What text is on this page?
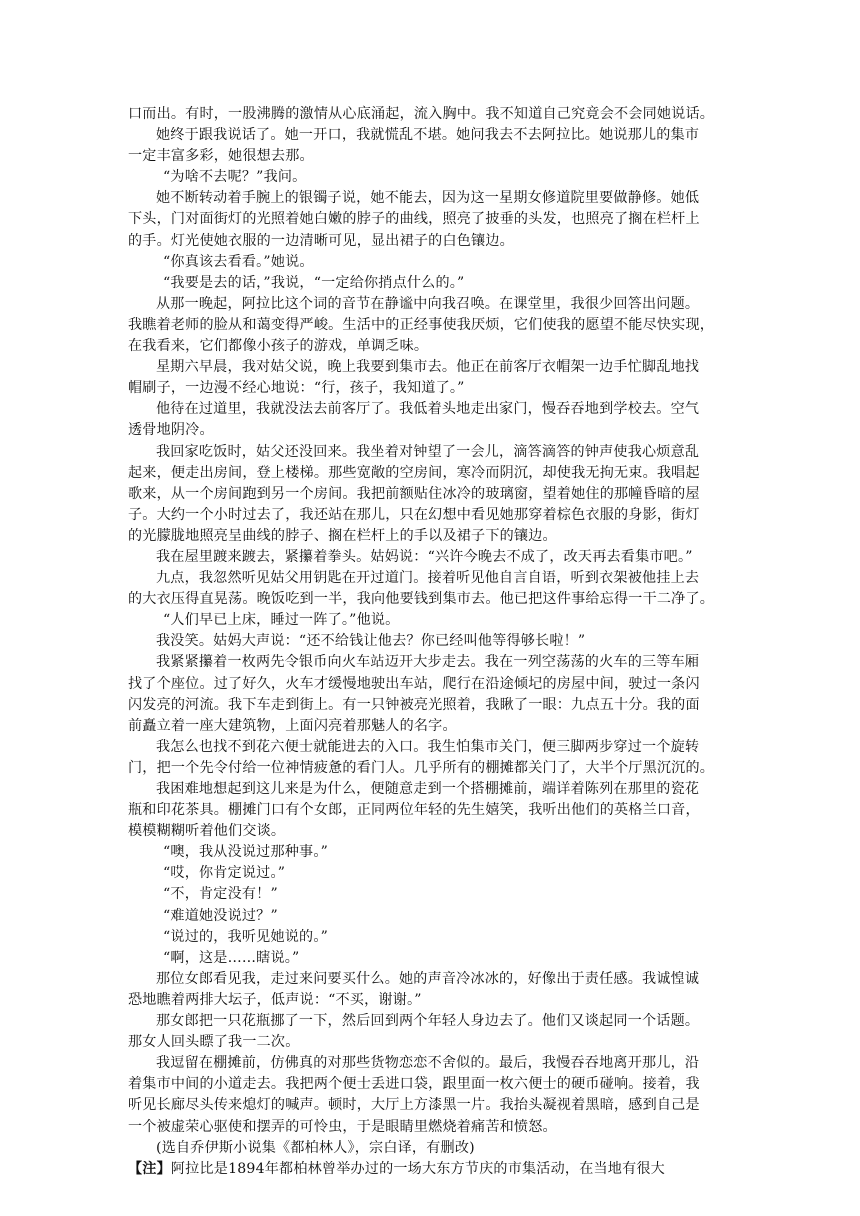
口而出。有时，一股沸腾的激情从心底涌起，流入胸中。我不知道自己究竟会不会同她说话。
她终于跟我说话了。她一开口，我就慌乱不堪。她问我去不去阿拉比。她说那儿的集市
一定丰富多彩，她很想去那。
“为啥不去呢？”我问。
她不断转动着手腕上的银镯子说，她不能去，因为这一星期女修道院里要做静修。她低
下头，门对面街灯的光照着她白嫩的脖子的曲线，照亮了披垂的头发，也照亮了搁在栏杆上
的手。灯光使她衣服的一边清晰可见，显出裙子的白色镶边。
“你真该去看看。”她说。
“我要是去的话，”我说，“一定给你捎点什么的。”
从那一晚起，阿拉比这个词的音节在静谧中向我召唤。在课堂里，我很少回答出问题。
我瞧着老师的脸从和蔼变得严峻。生活中的正经事使我厌烦，它们使我的愿望不能尽快实现，
在我看来，它们都像小孩子的游戏，单调乏味。
星期六早晨，我对姑父说，晚上我要到集市去。他正在前客厅衣帽架一边手忙脚乱地找
帽刷子，一边漫不经心地说：“行，孩子，我知道了。”
他待在过道里，我就没法去前客厅了。我低着头地走出家门，慢吞吞地到学校去。空气
透骨地阴冷。
我回家吃饭时，姑父还没回来。我坐着对钟望了一会儿，滴答滴答的钟声使我心烦意乱
起来，便走出房间，登上楼梯。那些宽敞的空房间，寒冷而阴沉，却使我无拘无束。我唱起
歌来，从一个房间跑到另一个房间。我把前额贴住冰冷的玻璃窗，望着她住的那幢昏暗的屋
子。大约一个小时过去了，我还站在那儿，只在幻想中看见她那穿着棕色衣服的身影，街灯
的光朦胧地照亮呈曲线的脖子、搁在栏杆上的手以及裙子下的镶边。
我在屋里踱来踱去，紧攥着拳头。姑妈说：“兴许今晚去不成了，改天再去看集市吧。”
九点，我忽然听见姑父用钥匙在开过道门。接着听见他自言自语，听到衣架被他挂上去
的大衣压得直晃荡。晚饭吃到一半，我向他要钱到集市去。他已把这件事给忘得一干二净了。
“人们早已上床，睡过一阵了。”他说。
我没笑。姑妈大声说：“还不给钱让他去？你已经叫他等得够长啦！”
我紧紧攥着一枚两先令银币向火车站迈开大步走去。我在一列空荡荡的火车的三等车厢
找了个座位。过了好久，火车才缓慢地驶出车站，爬行在沿途倾圮的房屋中间，驶过一条闪
闪发亮的河流。我下车走到街上。有一只钟被亮光照着，我瞅了一眼：九点五十分。我的面
前矗立着一座大建筑物，上面闪亮着那魅人的名字。
我怎么也找不到花六便士就能进去的入口。我生怕集市关门，便三脚两步穿过一个旋转
门，把一个先令付给一位神情疲惫的看门人。几乎所有的棚摊都关门了，大半个厅黑沉沉的。
我困难地想起到这儿来是为什么，便随意走到一个搭棚摊前，端详着陈列在那里的瓷花
瓶和印花茶具。棚摊门口有个女郎，正同两位年轻的先生嬉笑，我听出他们的英格兰口音，
模模糊糊听着他们交谈。
“噢，我从没说过那种事。”
“哎，你肯定说过。”
“不，肯定没有！”
“难道她没说过？”
“说过的，我听见她说的。”
“啊，这是……瞎说。”
那位女郎看见我，走过来问要买什么。她的声音冷冰冰的，好像出于责任感。我诚惶诚
恐地瞧着两排大坛子，低声说：“不买，谢谢。”
那女郎把一只花瓶挪了一下，然后回到两个年轻人身边去了。他们又谈起同一个话题。
那女人回头瞟了我一二次。
我逗留在棚摊前，仿佛真的对那些货物恋恋不舍似的。最后，我慢吞吞地离开那儿，沿
着集市中间的小道走去。我把两个便士丢进口袋，跟里面一枚六便士的硬币碰响。接着，我
听见长廊尽头传来熄灯的喊声。顿时，大厅上方漆黑一片。我抬头凝视着黑暗，感到自己是
一个被虚荣心驱使和摆弄的可怜虫，于是眼睛里燃烧着痛苦和愤怒。
(选自乔伊斯小说集《都柏林人》，宗白译，有删改)
【注】阿拉比是1894年都柏林曾举办过的一场大东方节庆的市集活动，在当地有很大
